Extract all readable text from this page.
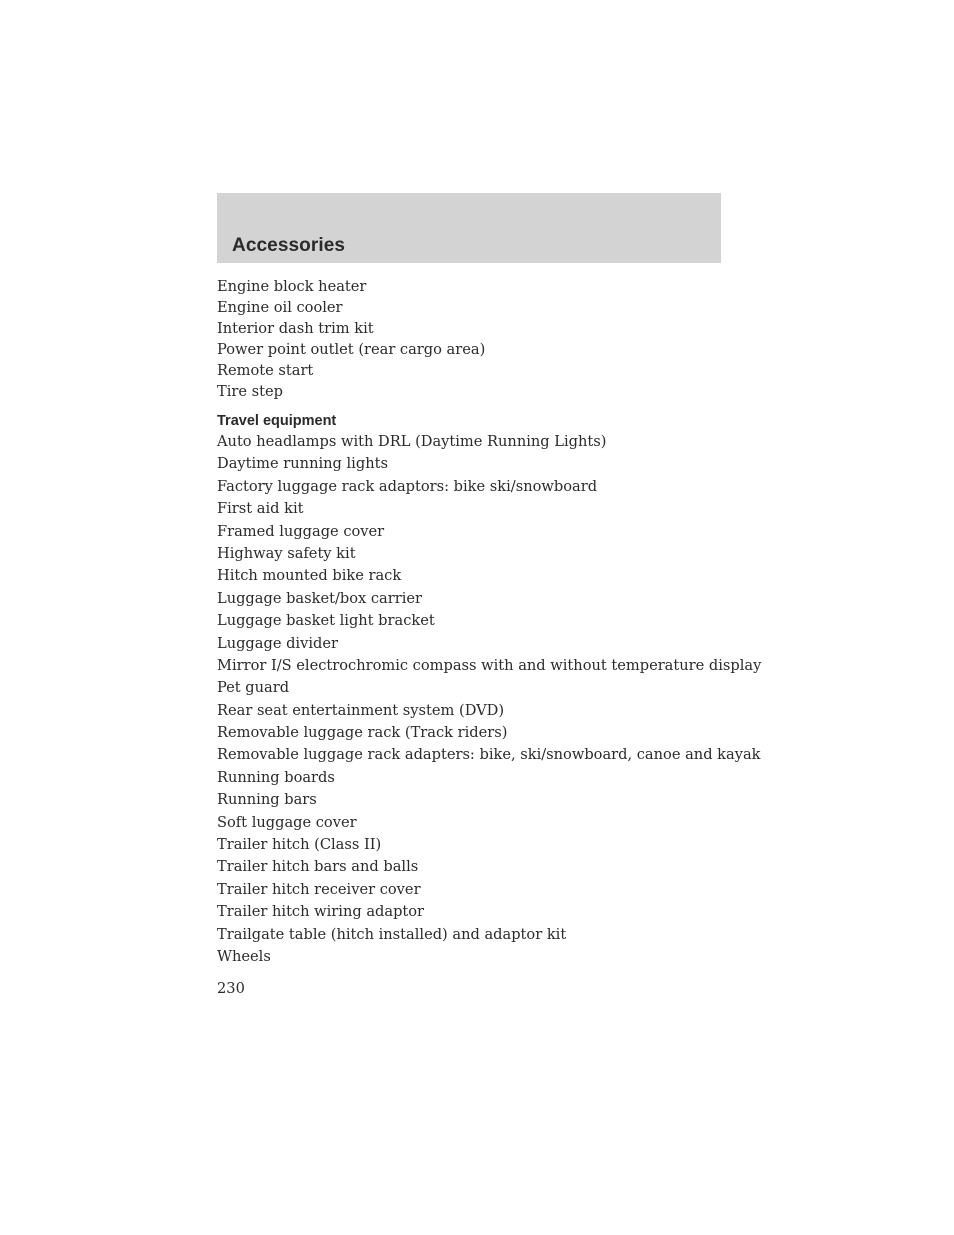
Accessories
Engine block heater
Engine oil cooler
Interior dash trim kit
Power point outlet (rear cargo area)
Remote start
Tire step
Travel equipment
Auto headlamps with DRL (Daytime Running Lights)
Daytime running lights
Factory luggage rack adaptors: bike ski/snowboard
First aid kit
Framed luggage cover
Highway safety kit
Hitch mounted bike rack
Luggage basket/box carrier
Luggage basket light bracket
Luggage divider
Mirror I/S electrochromic compass with and without temperature display
Pet guard
Rear seat entertainment system (DVD)
Removable luggage rack (Track riders)
Removable luggage rack adapters: bike, ski/snowboard, canoe and kayak
Running boards
Running bars
Soft luggage cover
Trailer hitch (Class II)
Trailer hitch bars and balls
Trailer hitch receiver cover
Trailer hitch wiring adaptor
Trailgate table (hitch installed) and adaptor kit
Wheels
230
